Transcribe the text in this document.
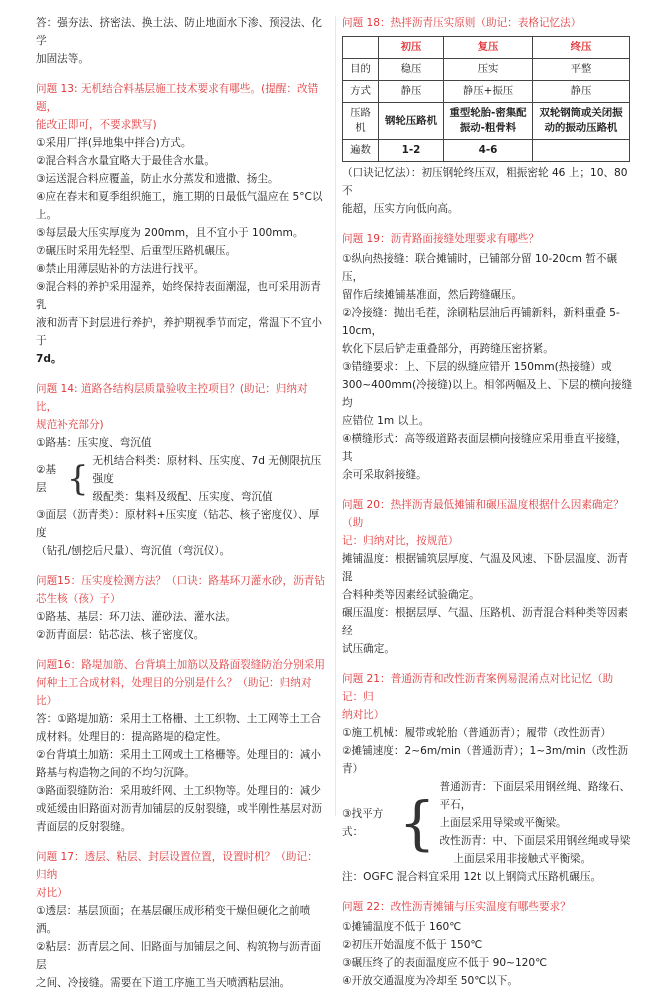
答：强夯法、挤密法、换土法、防止地面水下渗、预浸法、化学

加固法等。

问题 13: 无机结合料基层施工技术要求有哪些。(提醒：改错题，

能改正即可，不要求默写)

①采用厂拌(异地集中拌合)方式。

②混合料含水量宜略大于最佳含水量。

③运送混合料应覆盖，防止水分蒸发和遗撒、扬尘。

④应在春末和夏季组织施工，施工期的日最低气温应在 5°C以上。

⑤每层最大压实厚度为 200mm，且不宜小于 100mm。

⑦碾压时采用先轻型、后重型压路机碾压。

⑧禁止用薄层贴补的方法进行找平。

⑨混合料的养护采用湿养，始终保持表面潮湿，也可采用沥青乳

液和沥青下封层进行养护，养护期视季节而定，常温下不宜小于

7d。

问题 14: 道路各结构层质量验收主控项目？(助记：归纳对比，

规范补充部分)

①路基：压实度、弯沉值

②基层 { 无机结合料类：原材料、压实度、7d 无侧限抗压强度

级配类：集料及级配、压实度、弯沉值

③面层（沥青类）：原材料+压实度（钻芯、核子密度仪）、厚度

（钻孔/刨挖后尺量）、弯沉值（弯沉仪）。

问题15：压实度检测方法？（口诀：路基环刀灌水砂，沥青钻

芯生核（孩）子）

①路基、基层：环刀法、灌砂法、灌水法。

②沥青面层：钻芯法、核子密度仪。

问题16：路堤加筋、台背填土加筋以及路面裂缝防治分别采用

何种土工合成材料，处理目的分别是什么？（助记：归纳对

比）

答：①路堤加筋：采用土工格栅、土工织物、土工网等土工合

成材料。处理目的：提高路堤的稳定性。

②台背填土加筋：采用土工网或土工格栅等。处理目的：减小

路基与构造物之间的不均匀沉降。

③路面裂缝防治：采用玻纤网、土工织物等。处理目的：减少

或延缓由旧路面对沥青加铺层的反射裂缝，或半刚性基层对沥

青面层的反射裂缝。

问题 17：透层、粘层、封层设置位置，设置时机？（助记：归纳

对比）

①透层：基层顶面；在基层碾压成形稍变干燥但硬化之前喷洒。

②粘层：沥青层之间、旧路面与加铺层之间、构筑物与沥青面层

之间、冷接缝。需要在下道工序施工当天喷洒粘层油。

问题 18：热拌沥青压实原则（助记：表格记忆法）

	初压	复压	终压
目的	稳压	压实	平整
方式	静压	静压+振压	静压
压路机	钢轮压路机	重型轮胎-密集配 振动-粗骨料	双轮钢筒或关闭振动的振动压路机
遍数	1-2	4-6	

（口诀记忆法）：初压钢轮终压双，粗振密轮 46 上；10、80 不

能超，压实方向低向高。

问题 19：沥青路面接缝处理要求有哪些？

①纵向热接缝：联合摊铺时，已铺部分留 10-20cm 暂不碾压，

留作后续摊铺基准面，然后跨缝碾压。

②冷接缝：抛出毛茬，涂刷粘层油后再铺新料，新料重叠 5-10cm，

软化下层后铲走重叠部分，再跨缝压密挤紧。

③错缝要求：上、下层的纵缝应错开 150mm(热接缝）或

300~400mm(冷接缝)以上。相邻两幅及上、下层的横向接缝均

应错位 1m 以上。

④横缝形式：高等级道路表面层横向接缝应采用垂直平接缝，其

余可采取斜接缝。

问题 20：热拌沥青最低摊铺和碾压温度根据什么因素确定？（助

记：归纳对比，按规范）

摊铺温度：根据铺筑层厚度、气温及风速、下卧层温度、沥青混

合料种类等因素经试验确定。

碾压温度：根据层厚、气温、压路机、沥青混合料种类等因素经

试压确定。

问题 21：普通沥青和改性沥青案例易混淆点对比记忆（助记：归

纳对比）

①施工机械：履带或轮胎（普通沥青）；履带（改性沥青）

②摊铺速度：2~6m/min（普通沥青）；1~3m/min（改性沥青）

③找平方式： {

普通沥青：下面层采用钢丝绳、路缘石、平石，

上面层采用导梁或平衡梁。

改性沥青：中、下面层采用钢丝绳或导梁

上面层采用非接触式平衡梁。

注：OGFC 混合料宜采用 12t 以上钢筒式压路机碾压。

问题 22：改性沥青摊铺与压实温度有哪些要求？

①摊铺温度不低于 160℃

②初压开始温度不低于 150℃

③碾压终了的表面温度应不低于 90~120℃

④开放交通温度为冷却至 50℃以下。
